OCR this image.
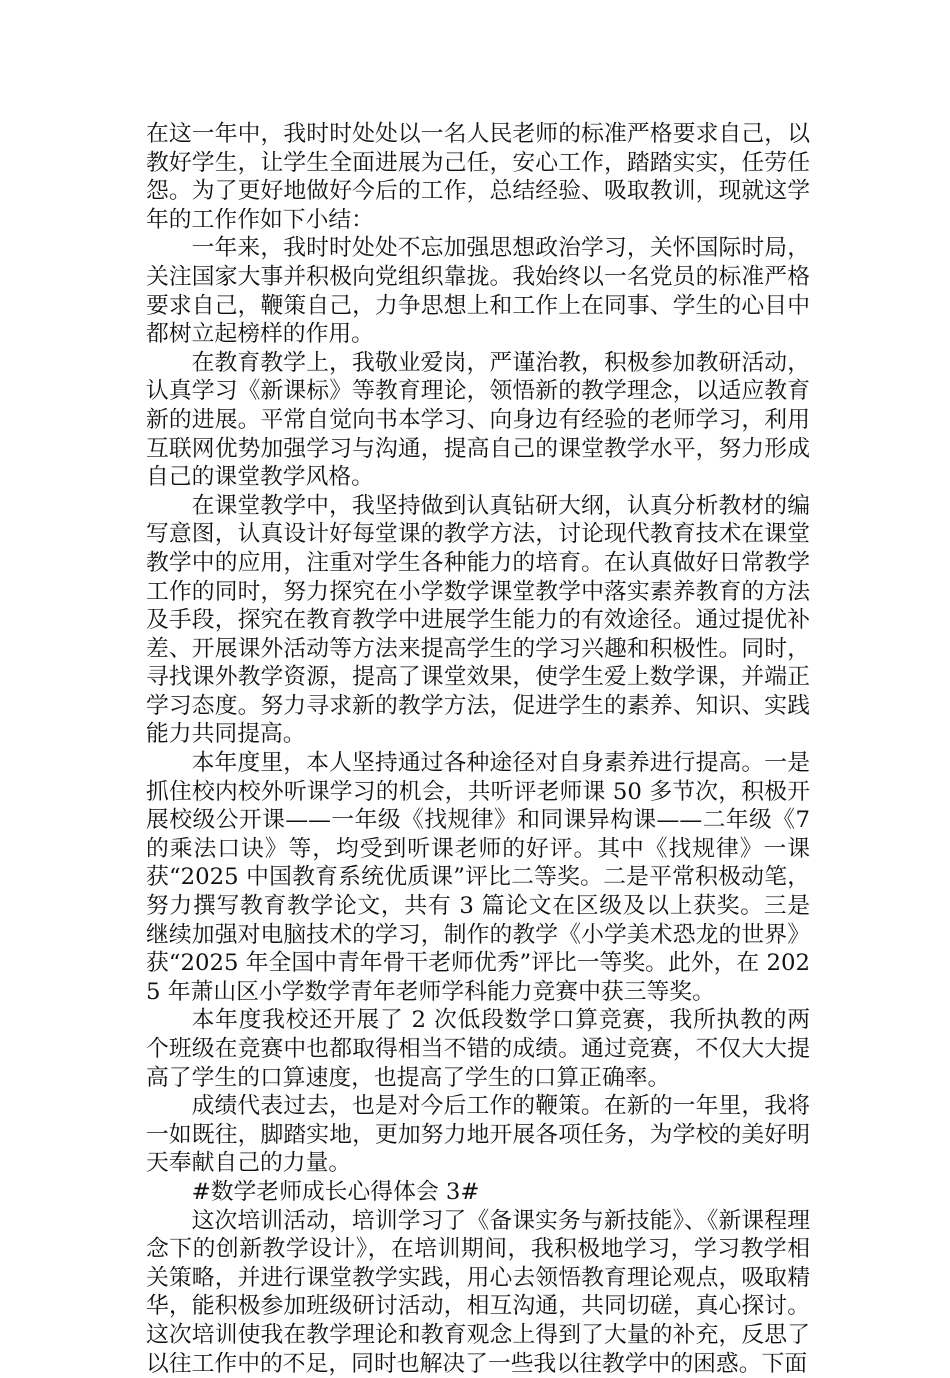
在这一年中，我时时处处以一名人民老师的标准严格要求自己，以教好学生，让学生全面进展为己任，安心工作，踏踏实实，任劳任怨。为了更好地做好今后的工作，总结经验、吸取教训，现就这学年的工作作如下小结：

一年来，我时时处处不忘加强思想政治学习，关怀国际时局，关注国家大事并积极向党组织靠拢。我始终以一名党员的标准严格要求自己，鞭策自己，力争思想上和工作上在同事、学生的心目中都树立起榜样的作用。

在教育教学上，我敬业爱岗，严谨治教，积极参加教研活动，认真学习《新课标》等教育理论，领悟新的教学理念，以适应教育新的进展。平常自觉向书本学习、向身边有经验的老师学习，利用互联网优势加强学习与沟通，提高自己的课堂教学水平，努力形成自己的课堂教学风格。

在课堂教学中，我坚持做到认真钻研大纲，认真分析教材的编写意图，认真设计好每堂课的教学方法，讨论现代教育技术在课堂教学中的应用，注重对学生各种能力的培育。在认真做好日常教学工作的同时，努力探究在小学数学课堂教学中落实素养教育的方法及手段，探究在教育教学中进展学生能力的有效途径。通过提优补差、开展课外活动等方法来提高学生的学习兴趣和积极性。同时，寻找课外教学资源，提高了课堂效果，使学生爱上数学课，并端正学习态度。努力寻求新的教学方法，促进学生的素养、知识、实践能力共同提高。

本年度里，本人坚持通过各种途径对自身素养进行提高。一是抓住校内校外听课学习的机会，共听评老师课 50 多节次，积极开展校级公开课——一年级《找规律》和同课异构课——二年级《7 的乘法口诀》等，均受到听课老师的好评。其中《找规律》一课获“2025 中国教育系统优质课”评比二等奖。二是平常积极动笔，努力撰写教育教学论文，共有 3 篇论文在区级及以上获奖。三是继续加强对电脑技术的学习，制作的教学《小学美术恐龙的世界》获“2025 年全国中青年骨干老师优秀”评比一等奖。此外，在 2025 年萧山区小学数学青年老师学科能力竞赛中获三等奖。

本年度我校还开展了 2 次低段数学口算竞赛，我所执教的两个班级在竞赛中也都取得相当不错的成绩。通过竞赛，不仅大大提高了学生的口算速度，也提高了学生的口算正确率。

成绩代表过去，也是对今后工作的鞭策。在新的一年里，我将一如既往，脚踏实地，更加努力地开展各项任务，为学校的美好明天奉献自己的力量。

#数学老师成长心得体会 3#

这次培训活动，培训学习了《备课实务与新技能》、《新课程理念下的创新教学设计》，在培训期间，我积极地学习，学习教学相关策略，并进行课堂教学实践，用心去领悟教育理论观点，吸取精华，能积极参加班级研讨活动，相互沟通，共同切磋，真心探讨。这次培训使我在教学理论和教育观念上得到了大量的补充，反思了以往工作中的不足，同时也解决了一些我以往教学中的困惑。下面
